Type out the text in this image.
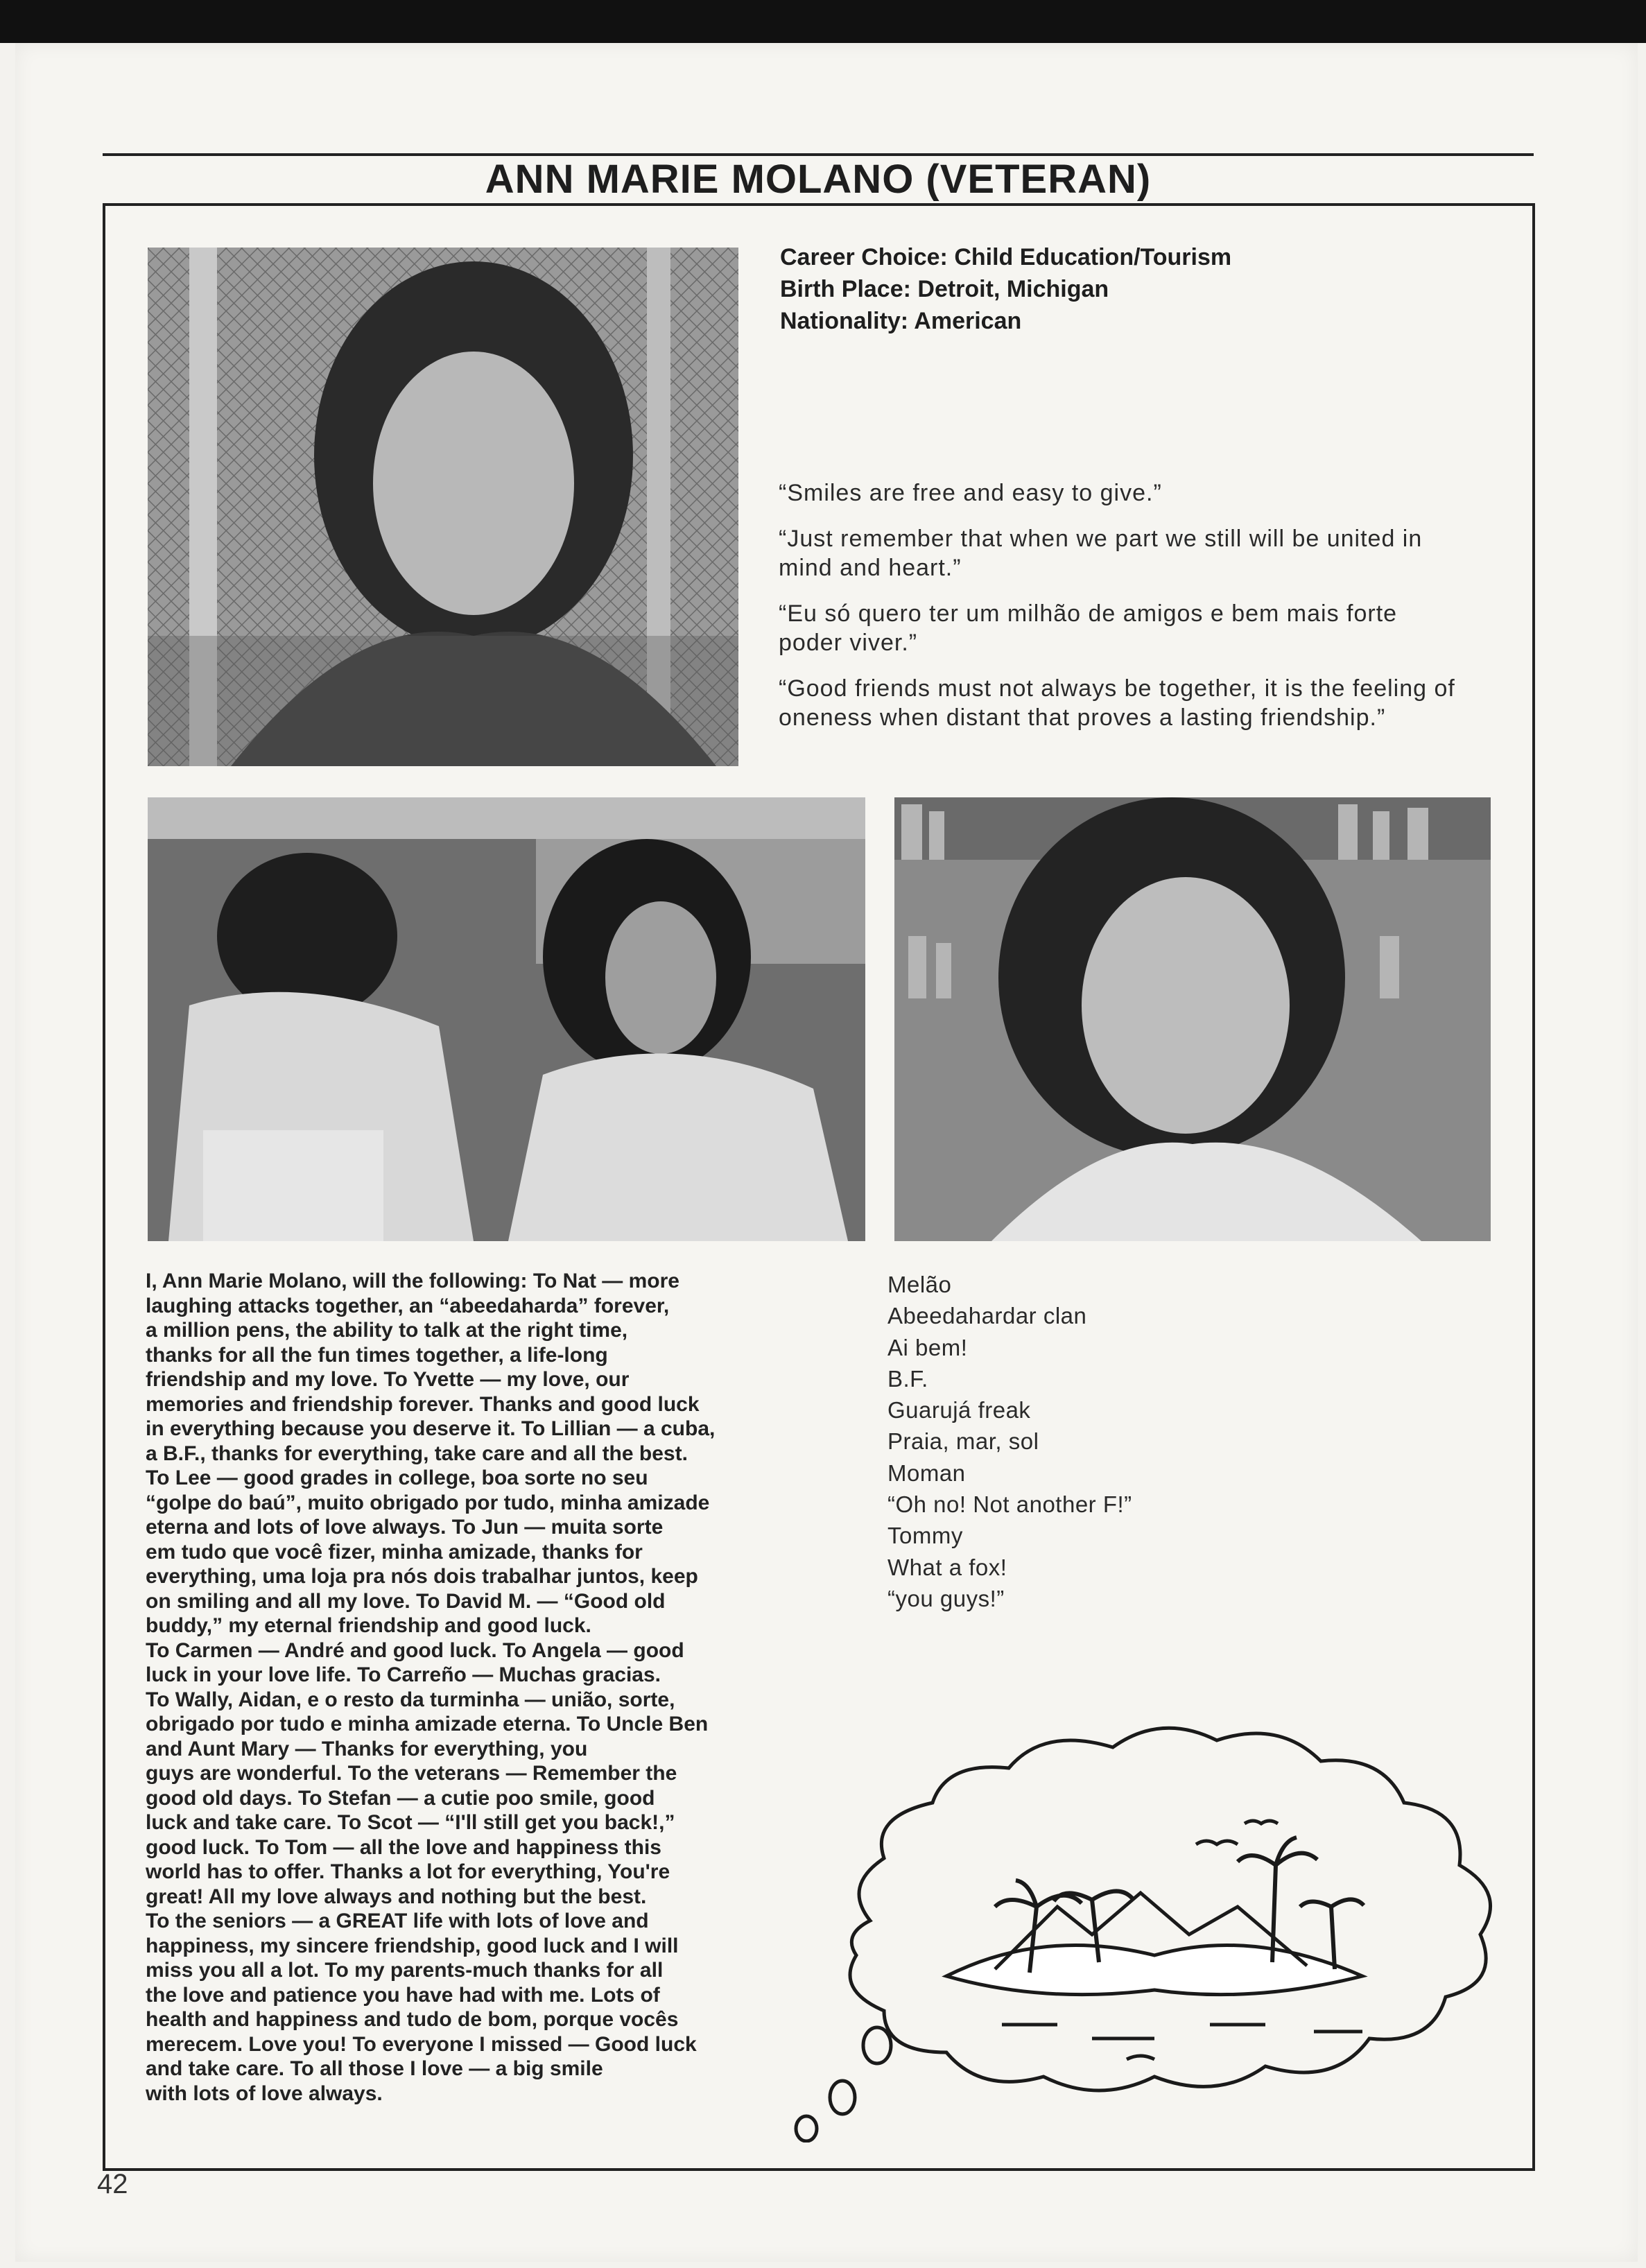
ANN MARIE MOLANO (VETERAN)
Career Choice: Child Education/Tourism
Birth Place: Detroit, Michigan
Nationality: American

“Smiles are free and easy to give.”

“Just remember that when we part we still will be united in mind and heart.”

“Eu só quero ter um milhão de amigos e bem mais forte poder viver.”

“Good friends must not always be together, it is the feeling of oneness when distant that proves a lasting friendship.”

I, Ann Marie Molano, will the following: To Nat — more
laughing attacks together, an “abeedaharda” forever,
a million pens, the ability to talk at the right time,
thanks for all the fun times together, a life-long
friendship and my love. To Yvette — my love, our
memories and friendship forever. Thanks and good luck
in everything because you deserve it. To Lillian — a cuba,
a B.F., thanks for everything, take care and all the best.
To Lee — good grades in college, boa sorte no seu
“golpe do baú”, muito obrigado por tudo, minha amizade
eterna and lots of love always. To Jun — muita sorte
em tudo que você fizer, minha amizade, thanks for
everything, uma loja pra nós dois trabalhar juntos, keep
on smiling and all my love. To David M. — “Good old
buddy,” my eternal friendship and good luck.
To Carmen — André and good luck. To Angela — good
luck in your love life. To Carreño — Muchas gracias.
To Wally, Aidan, e o resto da turminha — união, sorte,
obrigado por tudo e minha amizade eterna. To Uncle Ben
and Aunt Mary — Thanks for everything, you
guys are wonderful. To the veterans — Remember the
good old days. To Stefan — a cutie poo smile, good
luck and take care. To Scot — “I'll still get you back!,”
good luck. To Tom — all the love and happiness this
world has to offer. Thanks a lot for everything, You're
great! All my love always and nothing but the best.
To the seniors — a GREAT life with lots of love and
happiness, my sincere friendship, good luck and I will
miss you all a lot. To my parents-much thanks for all
the love and patience you have had with me. Lots of
health and happiness and tudo de bom, porque vocês
merecem. Love you! To everyone I missed — Good luck
and take care. To all those I love — a big smile
with lots of love always.
Melão
Abeedahardar clan
Ai bem!
B.F.
Guarujá freak
Praia, mar, sol
Moman
“Oh no! Not another F!”
Tommy
What a fox!
“you guys!”
42
